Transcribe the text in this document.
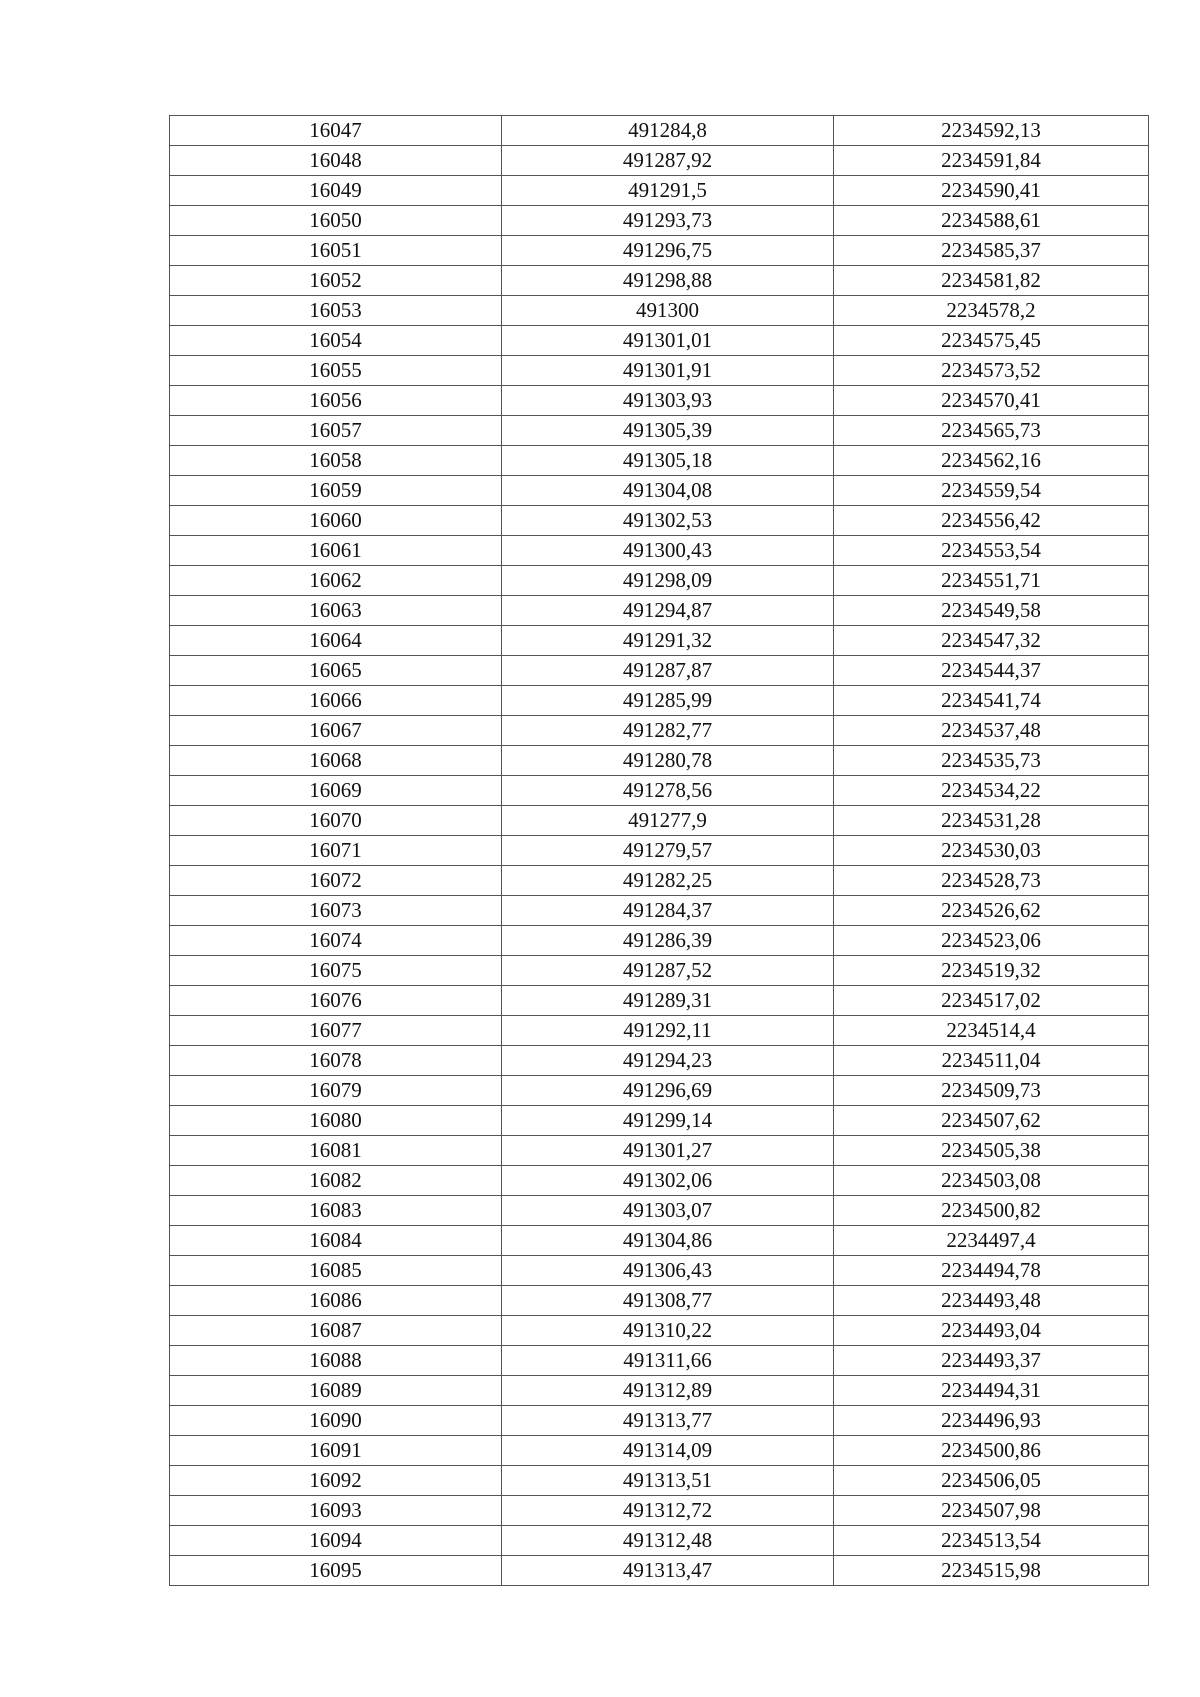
16047	491284,8	2234592,13
16048	491287,92	2234591,84
16049	491291,5	2234590,41
16050	491293,73	2234588,61
16051	491296,75	2234585,37
16052	491298,88	2234581,82
16053	491300	2234578,2
16054	491301,01	2234575,45
16055	491301,91	2234573,52
16056	491303,93	2234570,41
16057	491305,39	2234565,73
16058	491305,18	2234562,16
16059	491304,08	2234559,54
16060	491302,53	2234556,42
16061	491300,43	2234553,54
16062	491298,09	2234551,71
16063	491294,87	2234549,58
16064	491291,32	2234547,32
16065	491287,87	2234544,37
16066	491285,99	2234541,74
16067	491282,77	2234537,48
16068	491280,78	2234535,73
16069	491278,56	2234534,22
16070	491277,9	2234531,28
16071	491279,57	2234530,03
16072	491282,25	2234528,73
16073	491284,37	2234526,62
16074	491286,39	2234523,06
16075	491287,52	2234519,32
16076	491289,31	2234517,02
16077	491292,11	2234514,4
16078	491294,23	2234511,04
16079	491296,69	2234509,73
16080	491299,14	2234507,62
16081	491301,27	2234505,38
16082	491302,06	2234503,08
16083	491303,07	2234500,82
16084	491304,86	2234497,4
16085	491306,43	2234494,78
16086	491308,77	2234493,48
16087	491310,22	2234493,04
16088	491311,66	2234493,37
16089	491312,89	2234494,31
16090	491313,77	2234496,93
16091	491314,09	2234500,86
16092	491313,51	2234506,05
16093	491312,72	2234507,98
16094	491312,48	2234513,54
16095	491313,47	2234515,98
